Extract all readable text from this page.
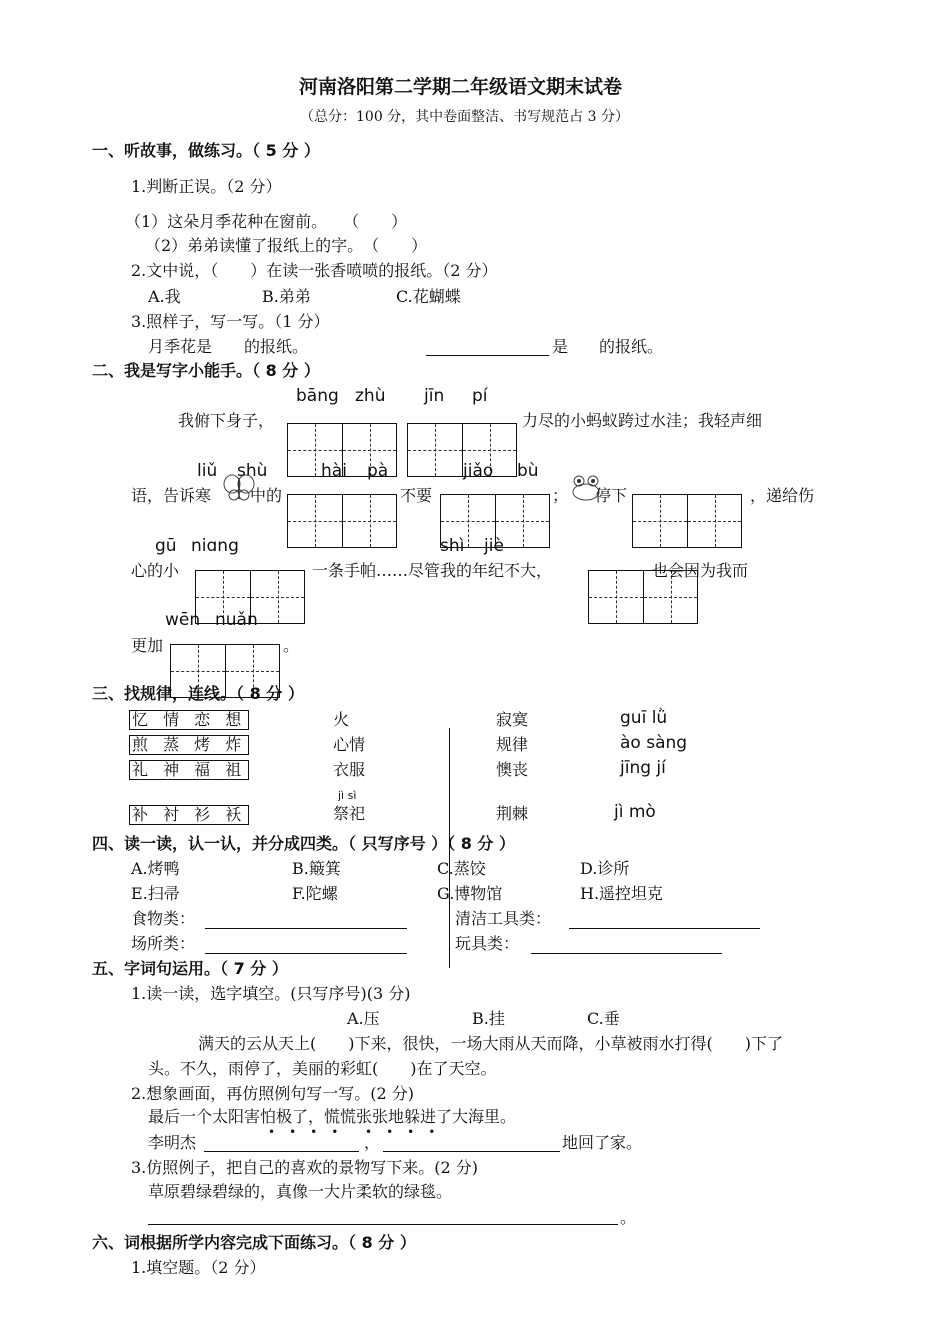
河南洛阳第二学期二年级语文期末试卷
（总分：100 分，其中卷面整洁、书写规范占 3 分）
一、听故事，做练习。（ 5 分 ）
1.判断正误。（2 分）
（1）这朵月季花种在窗前。　　（　　）
（2）弟弟读懂了报纸上的字。　（　　）
2.文中说，（　　）在读一张香喷喷的报纸。（2 分）
A.我	B.弟弟	C.花蝴蝶
3.照样子，写一写。（1 分）
月季花是　　的报纸。	是 的报纸。
二、我是写字小能手。（ 8 分 ）
bāng zhù jīn pí
我俯下身子，	力尽的小蚂蚁跨过水洼；我轻声细
liǔ shù	hài pà	jiǎo bù
语，告诉寒 中的	不要	； 停下	，递给伤
gū niɑng	shì jiè
心的小	一条手帕……尽管我的年纪不大，	也会因为我而
wēn nuǎn
更加	。
三、找规律，连线。（ 8 分 ）
忆 情 恋 想
煎 蒸 烤 炸
礼 神 福 祖
补 衬 衫 袄
火
心情
衣服
jì sì
祭祀
寂寞
规律
懊丧
荆棘
guī lǜ
ào sàng
jīng jí
jì mò
四、读一读，认一认，并分成四类。（ 只写序号 ）（ 8 分 ）
A.烤鸭	B.簸箕	C.蒸饺	D.诊所
E.扫帚	F.陀螺	G.博物馆	H.遥控坦克
食物类：	清洁工具类：
场所类：	玩具类：
五、字词句运用。（ 7 分 ）
1.读一读，选字填空。(只写序号)(3 分)
A.压	B.挂	C.垂
满天的云从天上(　　)下来，很快，一场大雨从天而降，小草被雨水打得(　　)下了
头。不久，雨停了，美丽的彩虹(　　)在了天空。
2.想象画面，再仿照例句写一写。(2 分)
最后一个太阳害怕极了，慌慌张张地躲进了大海里。
•••• ••••
李明杰	，	地回了家。
3.仿照例子，把自己的喜欢的景物写下来。(2 分)
草原碧绿碧绿的，真像一大片柔软的绿毯。
。
六、词根据所学内容完成下面练习。（ 8 分 ）
1.填空题。（2 分）
